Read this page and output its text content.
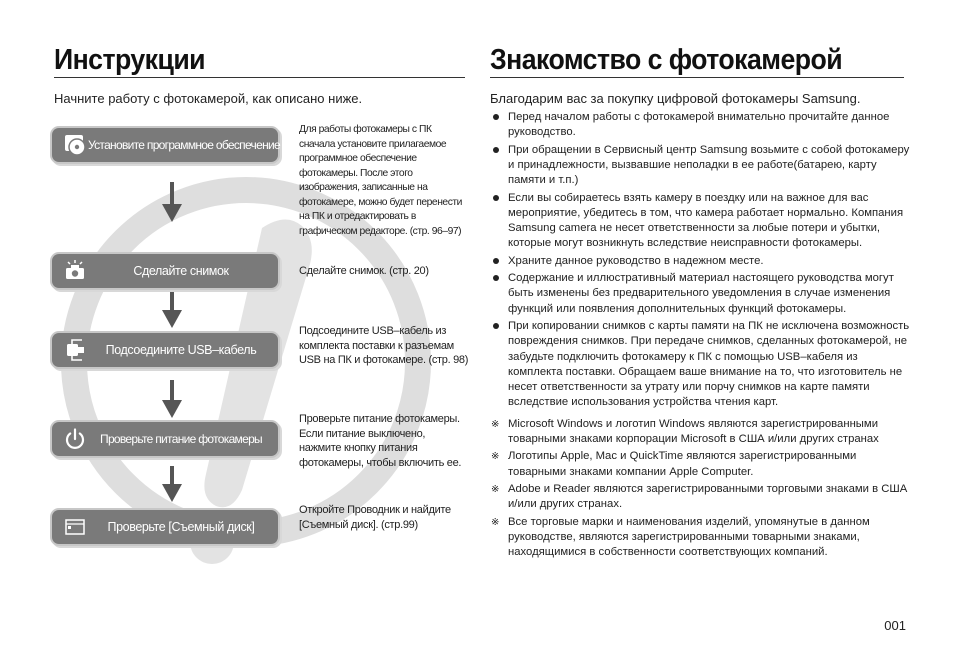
Инструкции
Начните работу с фотокамерой, как описано ниже.
Установите программное обеспечение
Для работы фотокамеры с ПК сначала установите прилагаемое программное обеспечение фотокамеры. После этого изображения, записанные на фотокамере, можно будет перенести на ПК и отредактировать в графическом редакторе. (стр. 96–97)
Сделайте снимок	Сделайте снимок. (стр. 20)
Подсоедините USB–кабель
Подсоедините USB–кабель из комплекта поставки к разъемам USB на ПК и фотокамере. (стр. 98)
Проверьте питание фотокамеры
Проверьте питание фотокамеры. Если питание выключено, нажмите кнопку питания фотокамеры, чтобы включить ее.
Проверьте [Съемный диск]
Откройте Проводник и найдите [Съемный диск]. (стр.99)
Знакомство с фотокамерой
Благодарим вас за покупку цифровой фотокамеры Samsung.
Перед началом работы с фотокамерой внимательно прочитайте данное руководство.
При обращении в Сервисный центр Samsung возьмите с собой фотокамеру и принадлежности, вызвавшие неполадки в ее работе(батарею, карту памяти и т.п.)
Если вы собираетесь взять камеру в поездку или на важное для вас мероприятие, убедитесь в том, что камера работает нормально. Компания Samsung camera не несет ответственности за любые потери и убытки, которые могут возникнуть вследствие неисправности фотокамеры.
Храните данное руководство в надежном месте.
Содержание и иллюстративный материал настоящего руководства могут быть изменены без предварительного уведомления в случае изменения функций или появления дополнительных функций фотокамеры.
При копировании снимков с карты памяти на ПК не исключена возможность повреждения снимков. При передаче снимков, сделанных фотокамерой, не забудьте подключить фотокамеру к ПК с помощью USB–кабеля из комплекта поставки. Обращаем ваше внимание на то, что изготовитель не несет ответственности за утрату или порчу снимков на карте памяти вследствие использования устройства чтения карт.
※ Microsoft Windows и логотип Windows являются зарегистрированными товарными знаками корпорации Microsoft в США и/или других странах
※ Логотипы Apple, Mac и QuickTime являются зарегистрированными товарными знаками компании Apple Computer.
※ Adobe и Reader являются зарегистрированными торговыми знаками в США и/или других странах.
※ Все торговые марки и наименования изделий, упомянутые в данном руководстве, являются зарегистрированными товарными знаками, находящимися в собственности соответствующих компаний.
001
